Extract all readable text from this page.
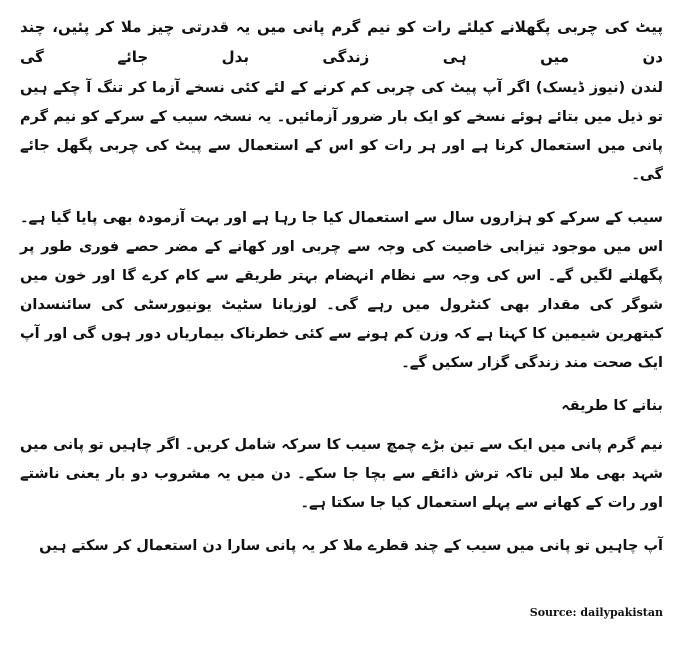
پیٹ کی چربی پگھلانے کیلئے رات کو نیم گرم پانی میں یہ قدرتی چیز ملا کر پئیں، چند دن میں ہی زندگی بدل جائے گی

لندن (نیوز ڈیسک) اگر آپ پیٹ کی چربی کم کرنے کے لئے کئی نسخے آزما کر تنگ آ چکے ہیں تو ذیل میں بتائے ہوئے نسخے کو ایک بار ضرور آزمائیں۔ یہ نسخہ سیب کے سرکے کو نیم گرم پانی میں استعمال کرنا ہے اور ہر رات کو اس کے استعمال سے پیٹ کی چربی پگھل جائے گی۔

سیب کے سرکے کو ہزاروں سال سے استعمال کیا جا رہا ہے اور بہت آزمودہ بھی پایا گیا ہے۔ اس میں موجود تیزابی خاصیت کی وجہ سے چربی اور کھانے کے مضر حصے فوری طور پر پگھلنے لگیں گے۔ اس کی وجہ سے نظام انہضام بہتر طریقے سے کام کرے گا اور خون میں شوگر کی مقدار بھی کنٹرول میں رہے گی۔ لوزیانا سٹیٹ یونیورسٹی کی سائنسدان کیتھرین شیمین کا کہنا ہے کہ وزن کم ہونے سے کئی خطرناک بیماریاں دور ہوں گی اور آپ ایک صحت مند زندگی گزار سکیں گے۔

بنانے کا طریقہ

نیم گرم پانی میں ایک سے تین بڑے چمچ سیب کا سرکہ شامل کریں۔ اگر چاہیں تو پانی میں شہد بھی ملا لیں تاکہ ترش ذائقے سے بچا جا سکے۔ دن میں یہ مشروب دو بار یعنی ناشتے اور رات کے کھانے سے پہلے استعمال کیا جا سکتا ہے۔

آپ چاہیں تو پانی میں سیب کے چند قطرے ملا کر یہ پانی سارا دن استعمال کر سکتے ہیں

Source: dailypakistan
